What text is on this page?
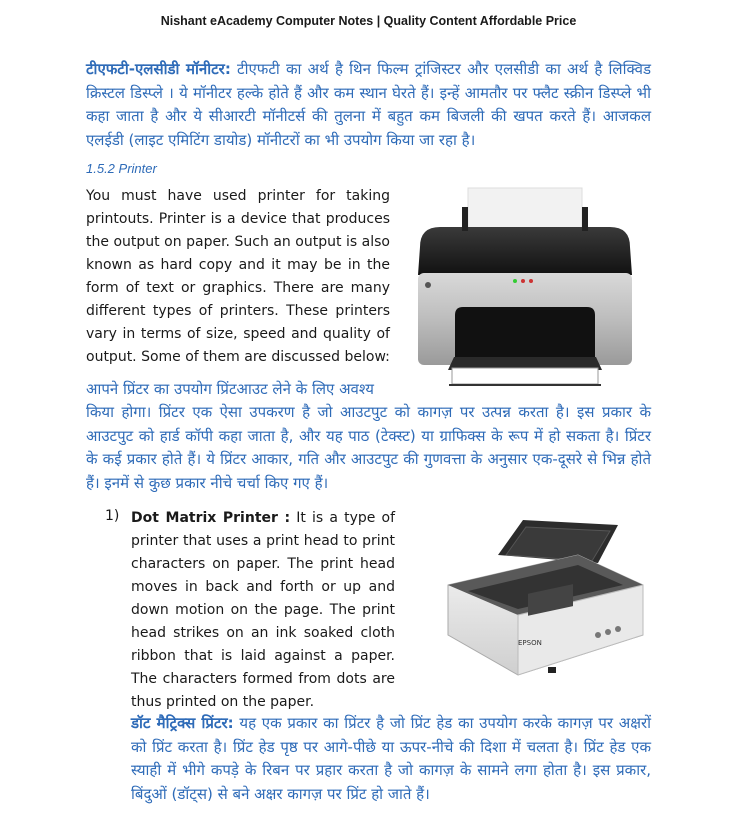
Nishant eAcademy Computer Notes | Quality Content Affordable Price
टीएफटी-एलसीडी मॉनीटर: टीएफटी का अर्थ है थिन फिल्म ट्रांजिस्टर और एलसीडी का अर्थ है लिक्विड क्रिस्टल डिस्प्ले । ये मॉनीटर हल्के होते हैं और कम स्थान घेरते हैं। इन्हें आमतौर पर फ्लैट स्क्रीन डिस्प्ले भी कहा जाता है और ये सीआरटी मॉनीटर्स की तुलना में बहुत कम बिजली की खपत करते हैं। आजकल एलईडी (लाइट एमिटिंग डायोड) मॉनीटरों का भी उपयोग किया जा रहा है।
1.5.2 Printer
You must have used printer for taking printouts. Printer is a device that produces the output on paper. Such an output is also known as hard copy and it may be in the form of text or graphics. There are many different types of printers. These printers vary in terms of size, speed and quality of output. Some of them are discussed below:
आपने प्रिंटर का उपयोग प्रिंटआउट लेने के लिए अवश्य
किया होगा। प्रिंटर एक ऐसा उपकरण है जो आउटपुट को कागज़ पर उत्पन्न करता है। इस प्रकार के आउटपुट को हार्ड कॉपी कहा जाता है, और यह पाठ (टेक्स्ट) या ग्राफिक्स के रूप में हो सकता है। प्रिंटर के कई प्रकार होते हैं। ये प्रिंटर आकार, गति और आउटपुट की गुणवत्ता के अनुसार एक-दूसरे से भिन्न होते हैं। इनमें से कुछ प्रकार नीचे चर्चा किए गए हैं।
1) Dot Matrix Printer : It is a type of printer that uses a print head to print characters on paper. The print head moves in back and forth or up and down motion on the page. The print head strikes on an ink soaked cloth ribbon that is laid against a paper. The characters formed from dots are thus printed on the paper.
EPSON
डॉट मैट्रिक्स प्रिंटर: यह एक प्रकार का प्रिंटर है जो प्रिंट हेड का उपयोग करके कागज़ पर अक्षरों को प्रिंट करता है। प्रिंट हेड पृष्ठ पर आगे-पीछे या ऊपर-नीचे की दिशा में चलता है। प्रिंट हेड एक स्याही में भीगे कपड़े के रिबन पर प्रहार करता है जो कागज़ के सामने लगा होता है। इस प्रकार, बिंदुओं (डॉट्स) से बने अक्षर कागज़ पर प्रिंट हो जाते हैं।
